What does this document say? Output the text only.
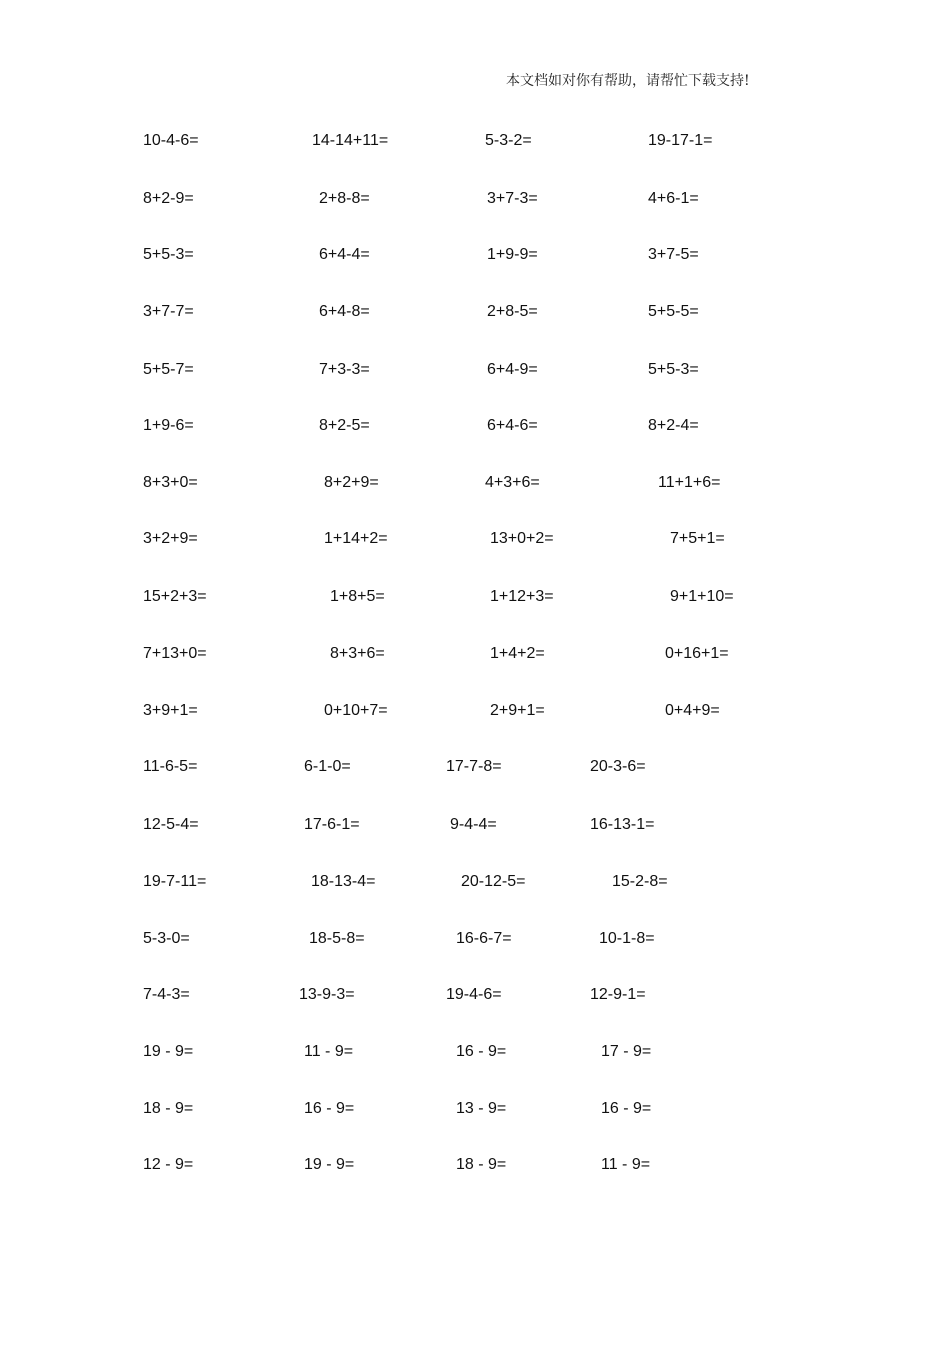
本文档如对你有帮助，请帮忙下载支持!
10-4-6=	14-14+11=	5-3-2=	19-17-1=
8+2-9=	2+8-8=	3+7-3=	4+6-1=
5+5-3=	6+4-4=	1+9-9=	3+7-5=
3+7-7=	6+4-8=	2+8-5=	5+5-5=
5+5-7=	7+3-3=	6+4-9=	5+5-3=
1+9-6=	8+2-5=	6+4-6=	8+2-4=
8+3+0=	8+2+9=	4+3+6=	11+1+6=
3+2+9=	1+14+2=	13+0+2=	7+5+1=
15+2+3=	1+8+5=	1+12+3=	9+1+10=
7+13+0=	8+3+6=	1+4+2=	0+16+1=
3+9+1=	0+10+7=	2+9+1=	0+4+9=
11-6-5=	6-1-0=	17-7-8=	20-3-6=
12-5-4=	17-6-1=	9-4-4=	16-13-1=
19-7-11=	18-13-4=	20-12-5=	15-2-8=
5-3-0=	18-5-8=	16-6-7=	10-1-8=
7-4-3=	13-9-3=	19-4-6=	12-9-1=
19 - 9=	11 - 9=	16 - 9=	17 - 9=
18 - 9=	16 - 9=	13 - 9=	16 - 9=
12 - 9=	19 - 9=	18 - 9=	11 - 9=
